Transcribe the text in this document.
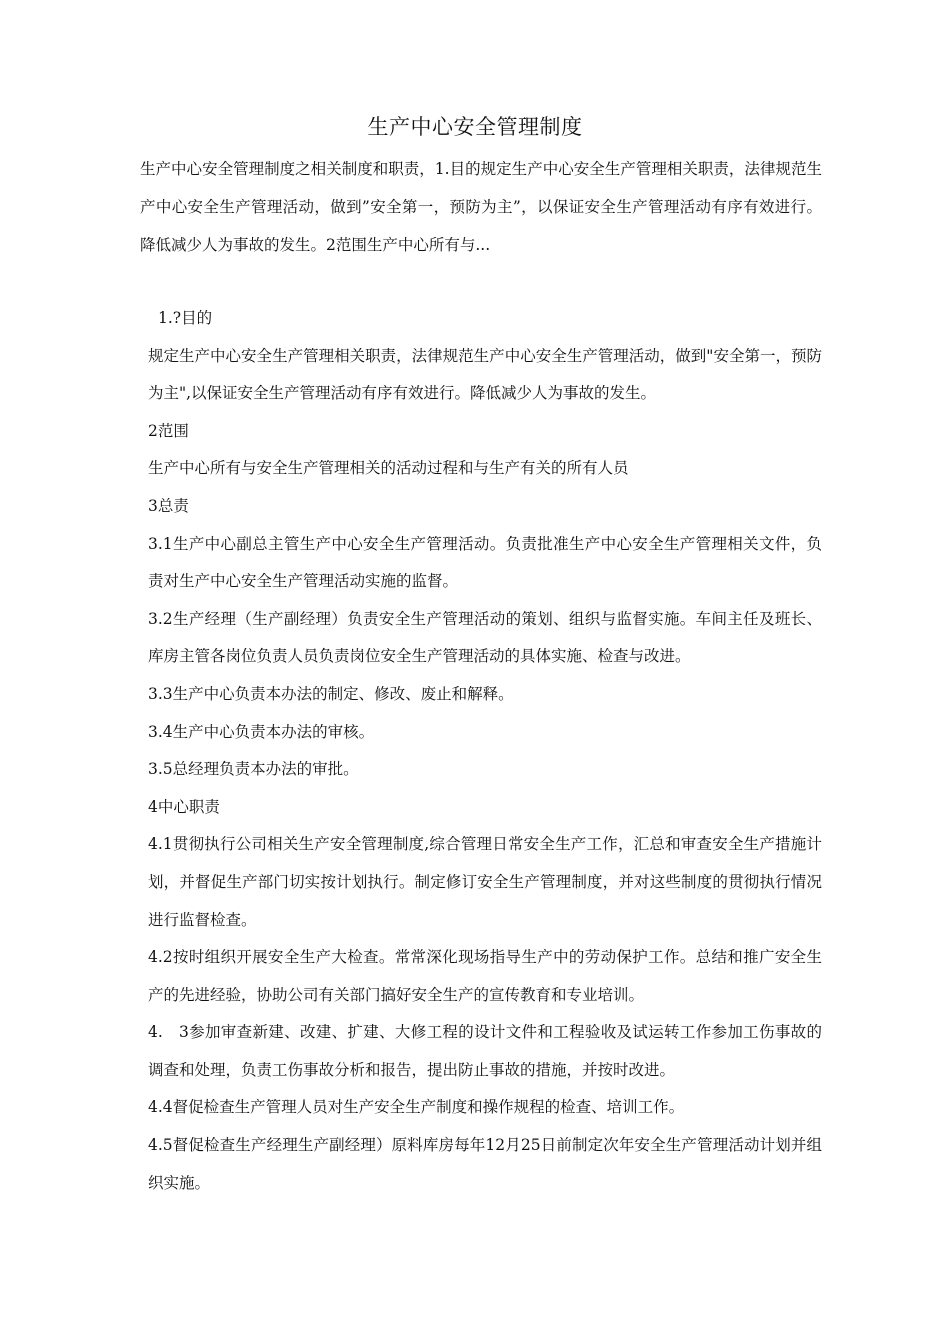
生产中心安全管理制度

生产中心安全管理制度之相关制度和职责，1.目的规定生产中心安全生产管理相关职责，法律规范生产中心安全生产管理活动，做到”安全第一，预防为主”，以保证安全生产管理活动有序有效进行。降低减少人为事故的发生。2范围生产中心所有与...

1.?目的

规定生产中心安全生产管理相关职责，法律规范生产中心安全生产管理活动，做到"安全第一，预防为主",以保证安全生产管理活动有序有效进行。降低减少人为事故的发生。

2范围

生产中心所有与安全生产管理相关的活动过程和与生产有关的所有人员

3总责

3.1生产中心副总主管生产中心安全生产管理活动。负责批准生产中心安全生产管理相关文件，负责对生产中心安全生产管理活动实施的监督。

3.2生产经理（生产副经理）负责安全生产管理活动的策划、组织与监督实施。车间主任及班长、库房主管各岗位负责人员负责岗位安全生产管理活动的具体实施、检查与改进。

3.3生产中心负责本办法的制定、修改、废止和解释。

3.4生产中心负责本办法的审核。

3.5总经理负责本办法的审批。

4中心职责

4.1贯彻执行公司相关生产安全管理制度,综合管理日常安全生产工作，汇总和审查安全生产措施计划，并督促生产部门切实按计划执行。制定修订安全生产管理制度，并对这些制度的贯彻执行情况进行监督检查。

4.2按时组织开展安全生产大检查。常常深化现场指导生产中的劳动保护工作。总结和推广安全生产的先进经验，协助公司有关部门搞好安全生产的宣传教育和专业培训。

4.　3参加审查新建、改建、扩建、大修工程的设计文件和工程验收及试运转工作参加工伤事故的调查和处理，负责工伤事故分析和报告，提出防止事故的措施，并按时改进。

4.4督促检查生产管理人员对生产安全生产制度和操作规程的检查、培训工作。

4.5督促检查生产经理生产副经理）原料库房每年12月25日前制定次年安全生产管理活动计划并组织实施。
